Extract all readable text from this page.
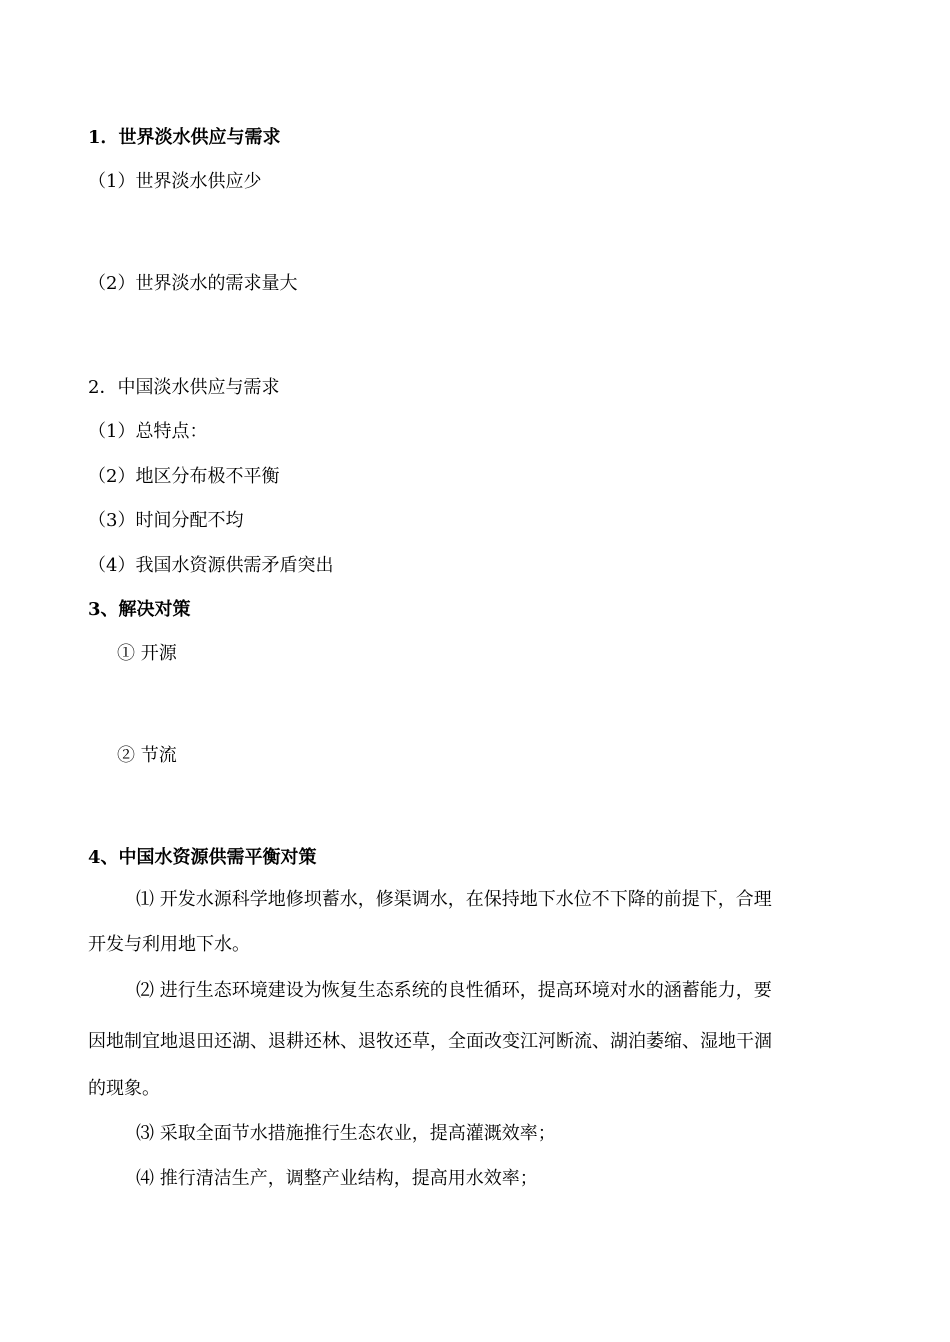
1．世界淡水供应与需求
（1）世界淡水供应少
（2）世界淡水的需求量大
2．中国淡水供应与需求
（1）总特点：
（2）地区分布极不平衡
（3）时间分配不均
（4）我国水资源供需矛盾突出
3、解决对策
① 开源
② 节流
4、中国水资源供需平衡对策
⑴ 开发水源科学地修坝蓄水，修渠调水，在保持地下水位不下降的前提下，合理
开发与利用地下水。
⑵ 进行生态环境建设为恢复生态系统的良性循环，提高环境对水的涵蓄能力，要
因地制宜地退田还湖、退耕还林、退牧还草，全面改变江河断流、湖泊萎缩、湿地干涸
的现象。
⑶ 采取全面节水措施推行生态农业，提高灌溉效率；
⑷ 推行清洁生产，调整产业结构，提高用水效率；
